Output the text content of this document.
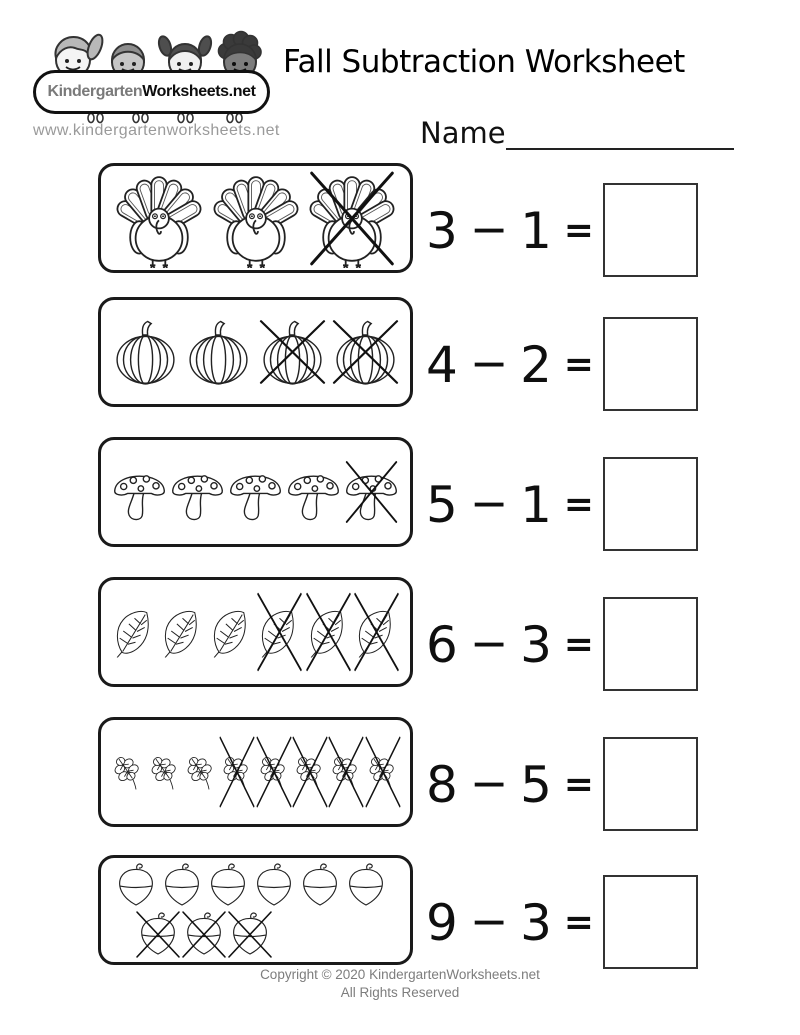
Kindergarten Worksheets.net
www.kindergartenworksheets.net
Fall Subtraction Worksheet
Name
3 − 1 =
4 − 2 =
5 − 1 =
6 − 3 =
8 − 5 =
9 − 3 =
Copyright © 2020 KindergartenWorksheets.net
All Rights Reserved
